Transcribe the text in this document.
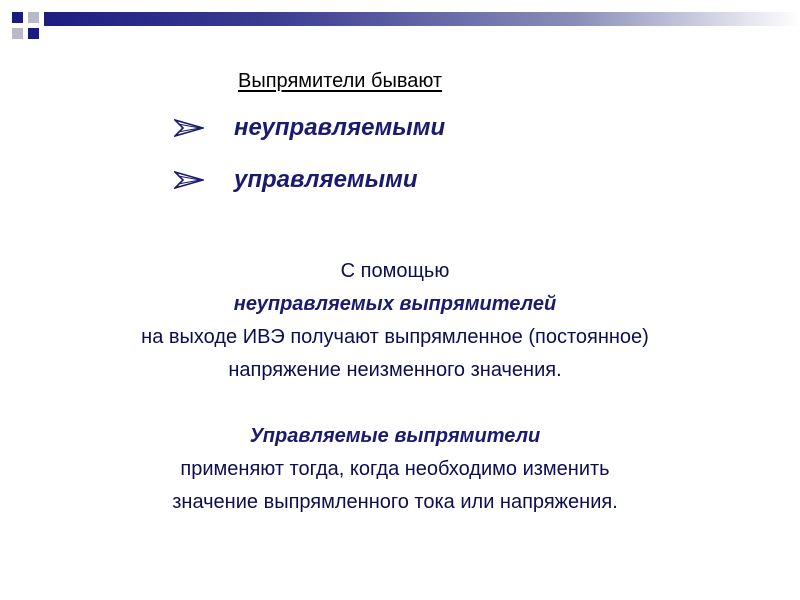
Выпрямители бывают
неуправляемыми
управляемыми
С помощью
неуправляемых выпрямителей
на выходе ИВЭ получают выпрямленное (постоянное)
напряжение неизменного значения.
Управляемые выпрямители
применяют тогда, когда необходимо изменить
значение выпрямленного тока или напряжения.
